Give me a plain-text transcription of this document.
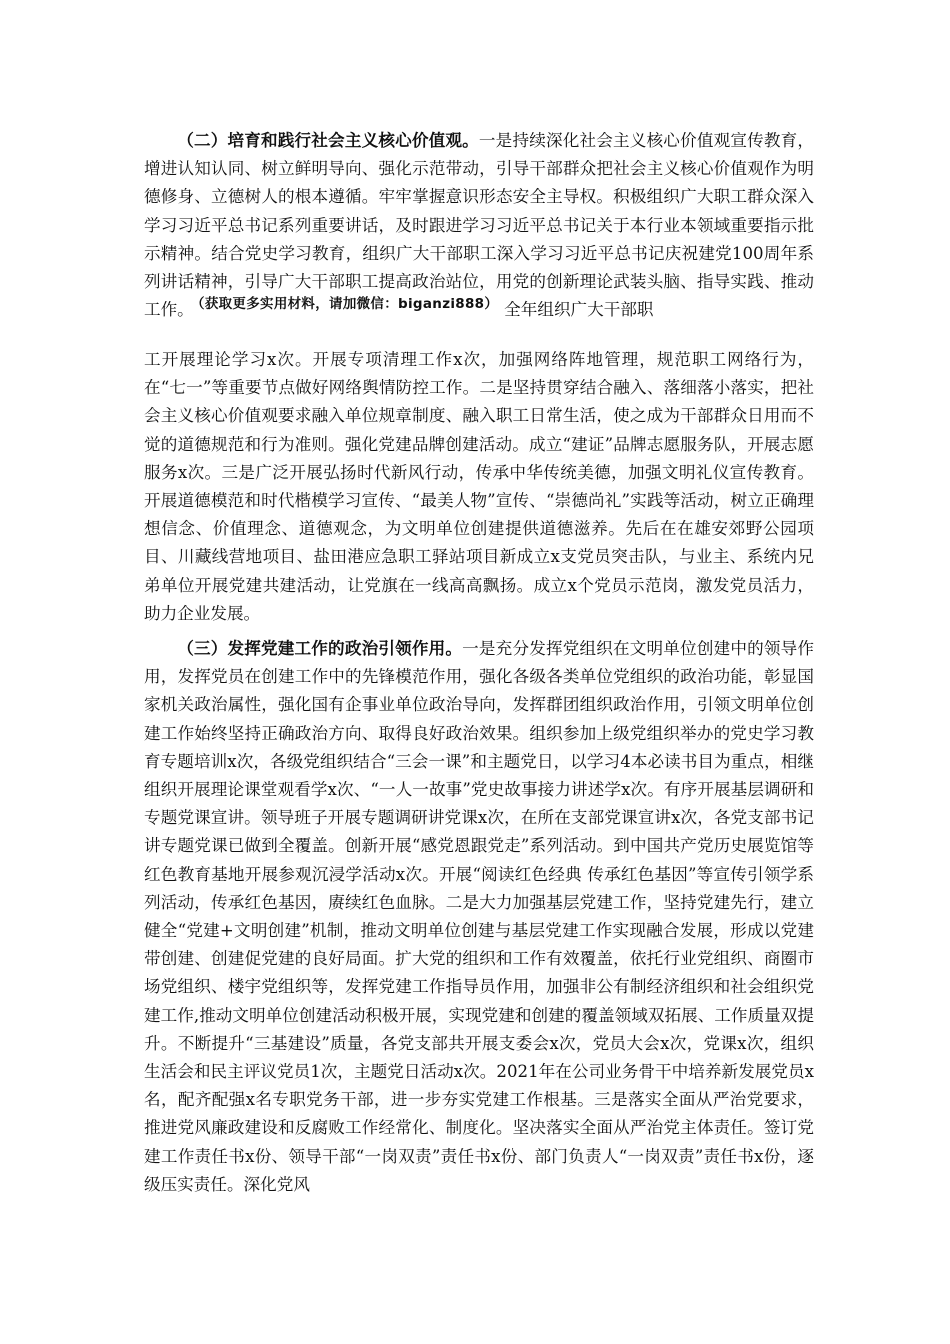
（二）培育和践行社会主义核心价值观。一是持续深化社会主义核心价值观宣传教育，增进认知认同、树立鲜明导向、强化示范带动，引导干部群众把社会主义核心价值观作为明德修身、立德树人的根本遵循。牢牢掌握意识形态安全主导权。积极组织广大职工群众深入学习习近平总书记系列重要讲话，及时跟进学习习近平总书记关于本行业本领域重要指示批示精神。结合党史学习教育，组织广大干部职工深入学习习近平总书记庆祝建党100周年系列讲话精神，引导广大干部职工提高政治站位，用党的创新理论武装头脑、指导实践、推动工作。 $^{(获取更多实用材料,请加微信:biganzi888)}$ 全年组织广大干部职
工开展理论学习x次。开展专项清理工作x次，加强网络阵地管理，规范职工网络行为，在“七一”等重要节点做好网络舆情防控工作。二是坚持贯穿结合融入、落细落小落实，把社会主义核心价值观要求融入单位规章制度、融入职工日常生活，使之成为干部群众日用而不觉的道德规范和行为准则。强化党建品牌创建活动。成立“建证”品牌志愿服务队，开展志愿服务x次。三是广泛开展弘扬时代新风行动，传承中华传统美德，加强文明礼仪宣传教育。开展道德模范和时代楷模学习宣传、“最美人物”宣传、“崇德尚礼”实践等活动，树立正确理想信念、价值理念、道德观念，为文明单位创建提供道德滋养。先后在在雄安郊野公园项目、川藏线营地项目、盐田港应急职工驿站项目新成立x支党员突击队，与业主、系统内兄弟单位开展党建共建活动，让党旗在一线高高飘扬。成立x个党员示范岗，激发党员活力，助力企业发展。
（三）发挥党建工作的政治引领作用。一是充分发挥党组织在文明单位创建中的领导作用，发挥党员在创建工作中的先锋模范作用，强化各级各类单位党组织的政治功能，彰显国家机关政治属性，强化国有企事业单位政治导向，发挥群团组织政治作用，引领文明单位创建工作始终坚持正确政治方向、取得良好政治效果。组织参加上级党组织举办的党史学习教育专题培训x次，各级党组织结合“三会一课”和主题党日，以学习4本必读书目为重点，相继组织开展理论课堂观看学x次、“一人一故事”党史故事接力讲述学x次。有序开展基层调研和专题党课宣讲。领导班子开展专题调研讲党课x次，在所在支部党课宣讲x次，各党支部书记讲专题党课已做到全覆盖。创新开展“感党恩跟党走”系列活动。到中国共产党历史展览馆等红色教育基地开展参观沉浸学活动x次。开展“阅读红色经典 传承红色基因”等宣传引领学系列活动，传承红色基因，赓续红色血脉。二是大力加强基层党建工作，坚持党建先行，建立健全“党建+文明创建”机制，推动文明单位创建与基层党建工作实现融合发展，形成以党建带创建、创建促党建的良好局面。扩大党的组织和工作有效覆盖，依托行业党组织、商圈市场党组织、楼宇党组织等，发挥党建工作指导员作用，加强非公有制经济组织和社会组织党建工作,推动文明单位创建活动积极开展，实现党建和创建的覆盖领域双拓展、工作质量双提升。不断提升“三基建设”质量，各党支部共开展支委会x次，党员大会x次，党课x次，组织生活会和民主评议党员1次，主题党日活动x次。2021年在公司业务骨干中培养新发展党员x名，配齐配强x名专职党务干部，进一步夯实党建工作根基。三是落实全面从严治党要求，推进党风廉政建设和反腐败工作经常化、制度化。坚决落实全面从严治党主体责任。签订党建工作责任书x份、领导干部“一岗双责”责任书x份、部门负责人“一岗双责”责任书x份，逐级压实责任。深化党风
